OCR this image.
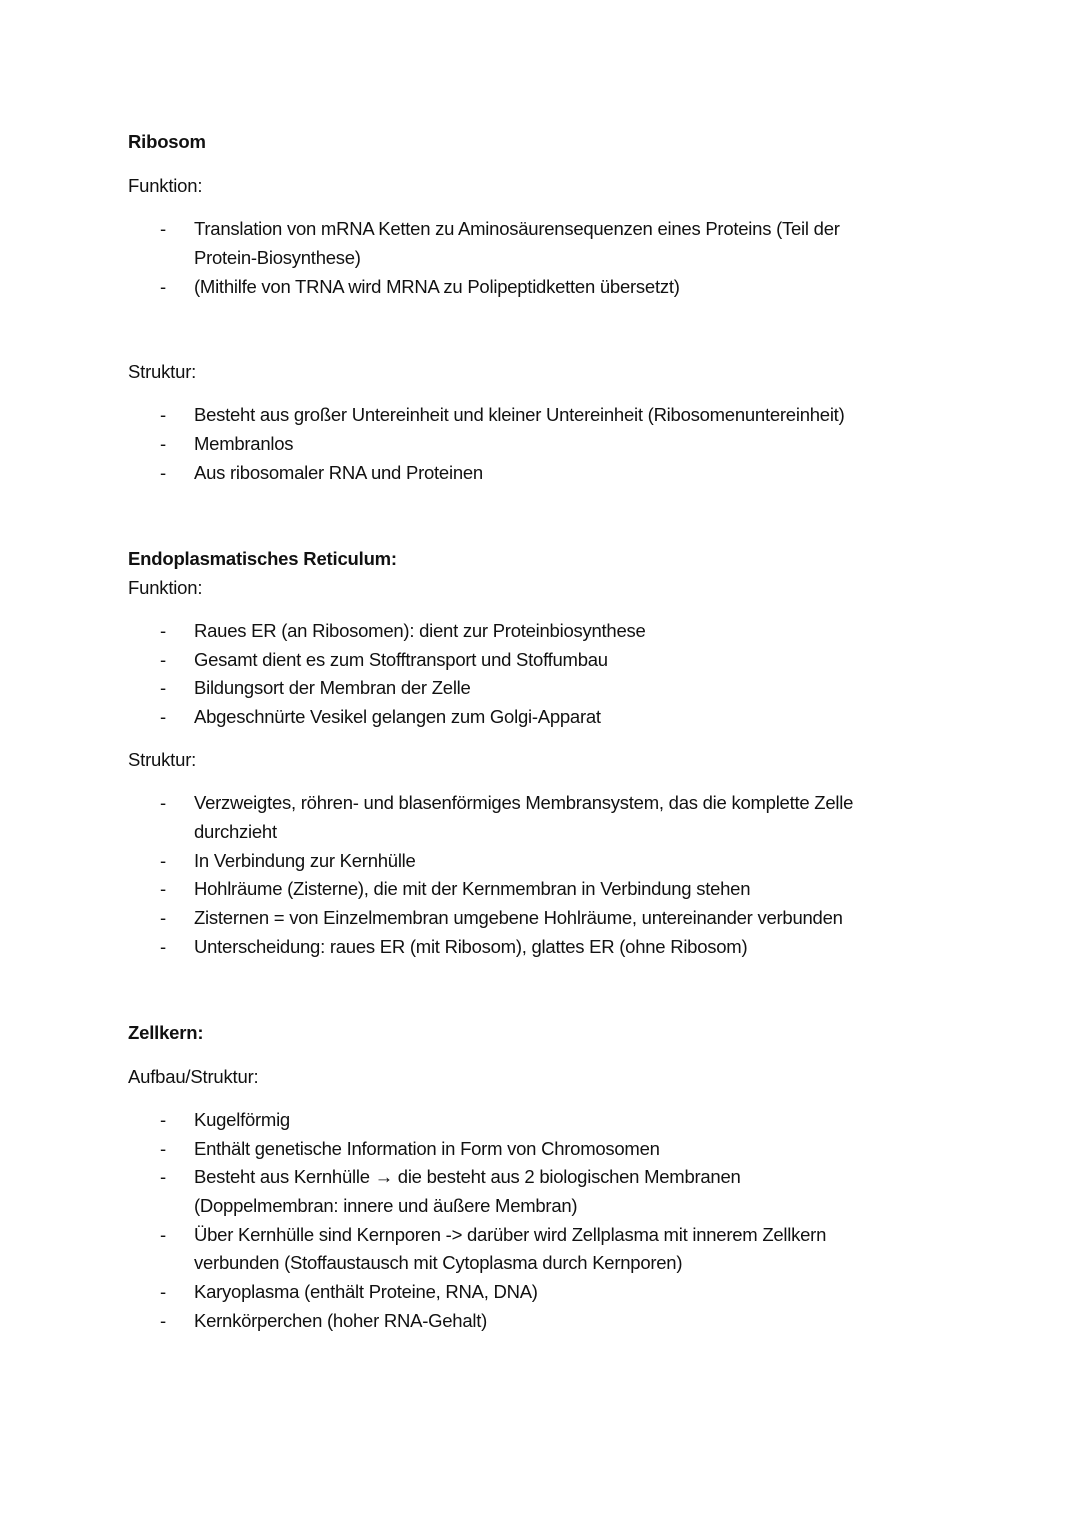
Ribosom
Funktion:
- Translation von mRNA Ketten zu Aminosäurensequenzen eines Proteins (Teil der
Protein-Biosynthese)
- (Mithilfe von TRNA wird MRNA zu Polipeptidketten übersetzt)
Struktur:
- Besteht aus großer Untereinheit und kleiner Untereinheit (Ribosomenuntereinheit)
- Membranlos
- Aus ribosomaler RNA und Proteinen
Endoplasmatisches Reticulum:
Funktion:
- Raues ER (an Ribosomen): dient zur Proteinbiosynthese
- Gesamt dient es zum Stofftransport und Stoffumbau
- Bildungsort der Membran der Zelle
- Abgeschnürte Vesikel gelangen zum Golgi-Apparat
Struktur:
- Verzweigtes, röhren- und blasenförmiges Membransystem, das die komplette Zelle
durchzieht
- In Verbindung zur Kernhülle
- Hohlräume (Zisterne), die mit der Kernmembran in Verbindung stehen
- Zisternen = von Einzelmembran umgebene Hohlräume, untereinander verbunden
- Unterscheidung: raues ER (mit Ribosom), glattes ER (ohne Ribosom)
Zellkern:
Aufbau/Struktur:
- Kugelförmig
- Enthält genetische Information in Form von Chromosomen
- Besteht aus Kernhülle → die besteht aus 2 biologischen Membranen
(Doppelmembran: innere und äußere Membran)
- Über Kernhülle sind Kernporen -> darüber wird Zellplasma mit innerem Zellkern
verbunden (Stoffaustausch mit Cytoplasma durch Kernporen)
- Karyoplasma (enthält Proteine, RNA, DNA)
- Kernkörperchen (hoher RNA-Gehalt)
